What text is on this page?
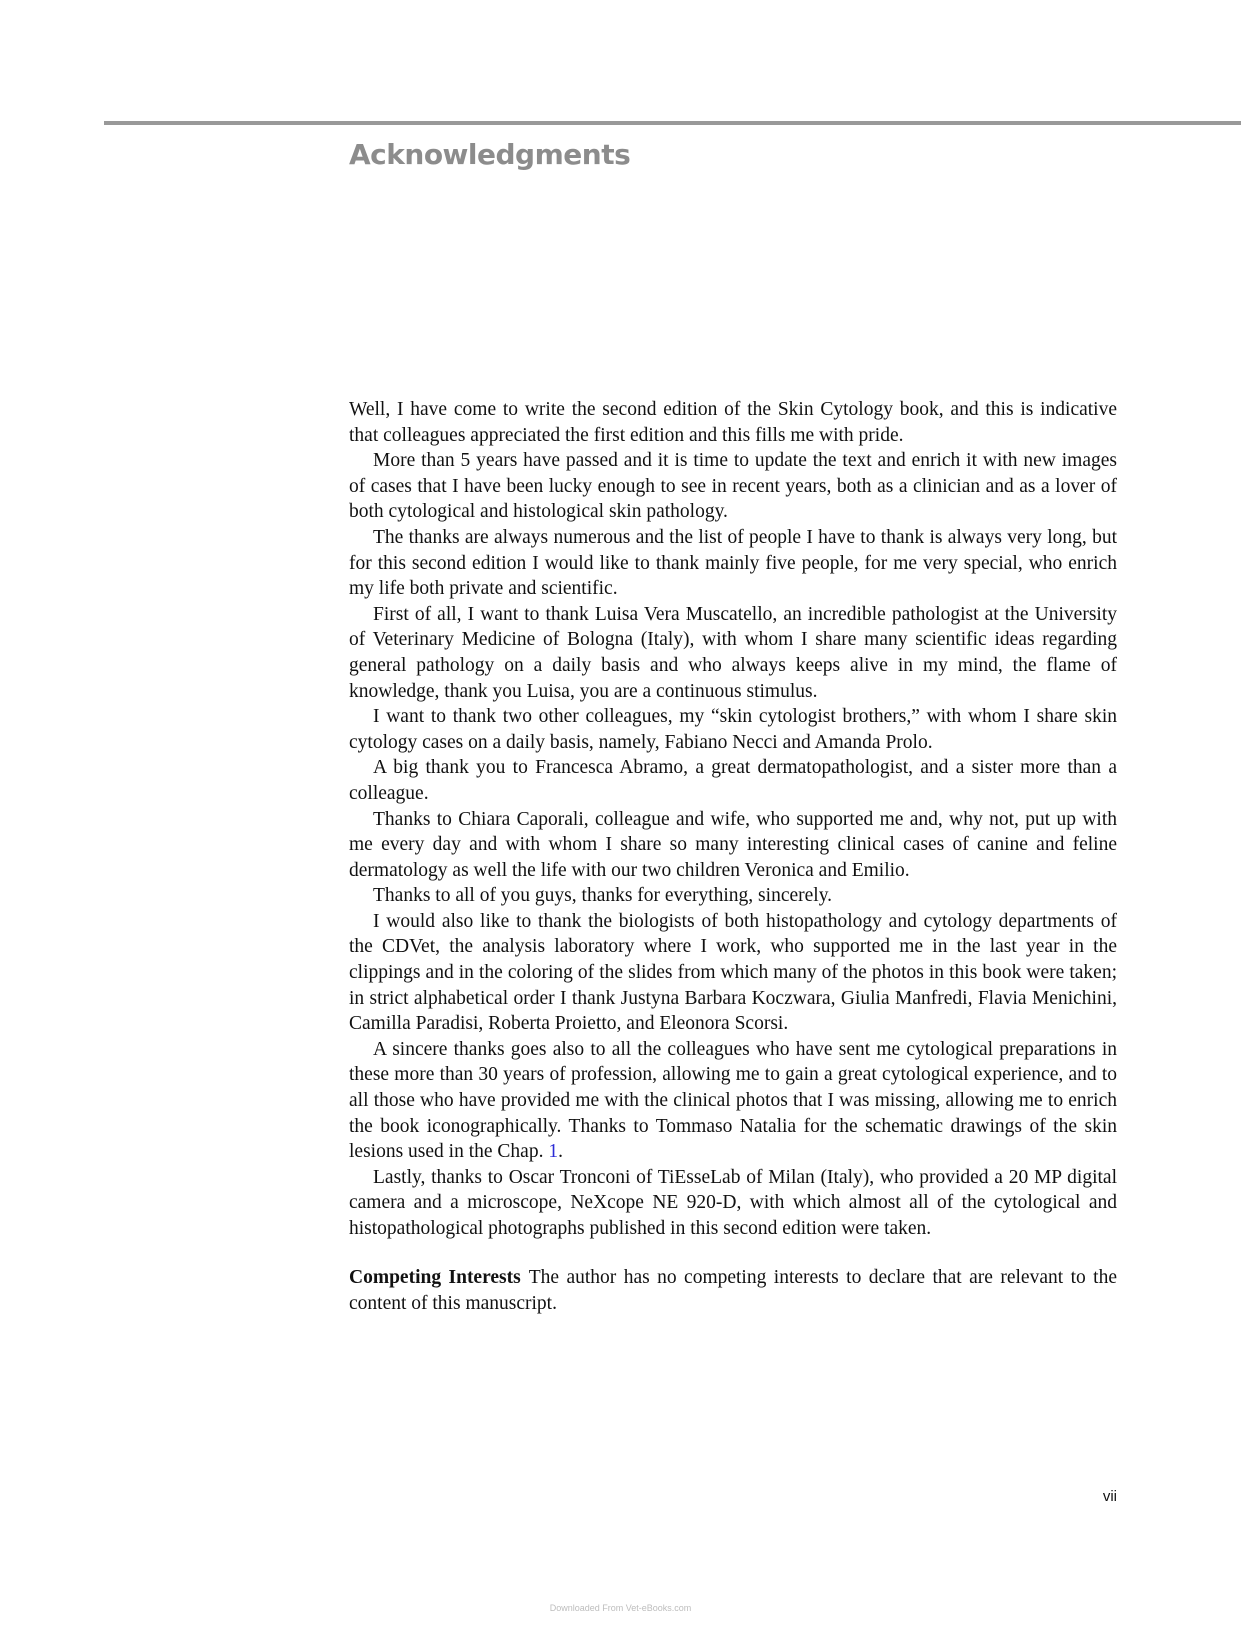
Acknowledgments

Well, I have come to write the second edition of the Skin Cytology book, and this is indicative that colleagues appreciated the first edition and this fills me with pride.

More than 5 years have passed and it is time to update the text and enrich it with new images of cases that I have been lucky enough to see in recent years, both as a clinician and as a lover of both cytological and histological skin pathology.

The thanks are always numerous and the list of people I have to thank is always very long, but for this second edition I would like to thank mainly five people, for me very special, who enrich my life both private and scientific.

First of all, I want to thank Luisa Vera Muscatello, an incredible pathologist at the University of Veterinary Medicine of Bologna (Italy), with whom I share many scientific ideas regarding general pathology on a daily basis and who always keeps alive in my mind, the flame of knowledge, thank you Luisa, you are a continuous stimulus.

I want to thank two other colleagues, my “skin cytologist brothers,” with whom I share skin cytology cases on a daily basis, namely, Fabiano Necci and Amanda Prolo.

A big thank you to Francesca Abramo, a great dermatopathologist, and a sister more than a colleague.

Thanks to Chiara Caporali, colleague and wife, who supported me and, why not, put up with me every day and with whom I share so many interesting clinical cases of canine and feline dermatology as well the life with our two children Veronica and Emilio.

Thanks to all of you guys, thanks for everything, sincerely.

I would also like to thank the biologists of both histopathology and cytology departments of the CDVet, the analysis laboratory where I work, who supported me in the last year in the clippings and in the coloring of the slides from which many of the photos in this book were taken; in strict alphabetical order I thank Justyna Barbara Koczwara, Giulia Manfredi, Flavia Menichini, Camilla Paradisi, Roberta Proietto, and Eleonora Scorsi.

A sincere thanks goes also to all the colleagues who have sent me cytological preparations in these more than 30 years of profession, allowing me to gain a great cytological experience, and to all those who have provided me with the clinical photos that I was missing, allowing me to enrich the book iconographically. Thanks to Tommaso Natalia for the schematic drawings of the skin lesions used in the Chap. 1.

Lastly, thanks to Oscar Tronconi of TiEsseLab of Milan (Italy), who provided a 20 MP digital camera and a microscope, NeXcope NE 920-D, with which almost all of the cytological and histopathological photographs published in this second edition were taken.

Competing Interests The author has no competing interests to declare that are relevant to the content of this manuscript.

vii
Downloaded From Vet-eBooks.com
